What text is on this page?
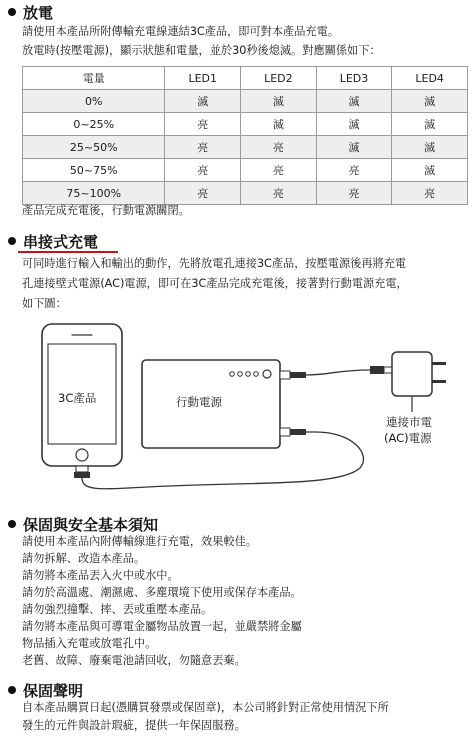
放電
請使用本產品所附傳輸充電線連結3C產品，即可對本產品充電。
放電時(按壓電源)，顯示狀態和電量，並於30秒後熄滅。對應關係如下：
電量	LED1	LED2	LED3	LED4
0%	滅	滅	滅	滅
0~25%	亮	滅	滅	滅
25~50%	亮	亮	滅	滅
50~75%	亮	亮	亮	滅
75~100%	亮	亮	亮	亮
產品完成充電後，行動電源關閉。
串接式充電
可同時進行輸入和輸出的動作，先將放電孔連接3C產品，按壓電源後再將充電
孔連接壁式電源(AC)電源，即可在3C產品完成充電後，接著對行動電源充電，
如下圖：
3C產品	行動電源
連接市電
(AC)電源
保固與安全基本須知
請使用本產品內附傳輸線進行充電，效果較佳。
請勿拆解、改造本產品。
請勿將本產品丟入火中或水中。
請勿於高溫處、潮濕處、多塵環境下使用或保存本產品。
請勿強烈撞擊、摔、丟或重壓本產品。
請勿將本產品與可導電金屬物品放置一起，並嚴禁將金屬
物品插入充電或放電孔中。
老舊、故障、廢棄電池請回收，勿隨意丟棄。
保固聲明
自本產品購買日起(憑購買發票或保固章)，本公司將針對正常使用情況下所
發生的元件與設計瑕疵，提供一年保固服務。
